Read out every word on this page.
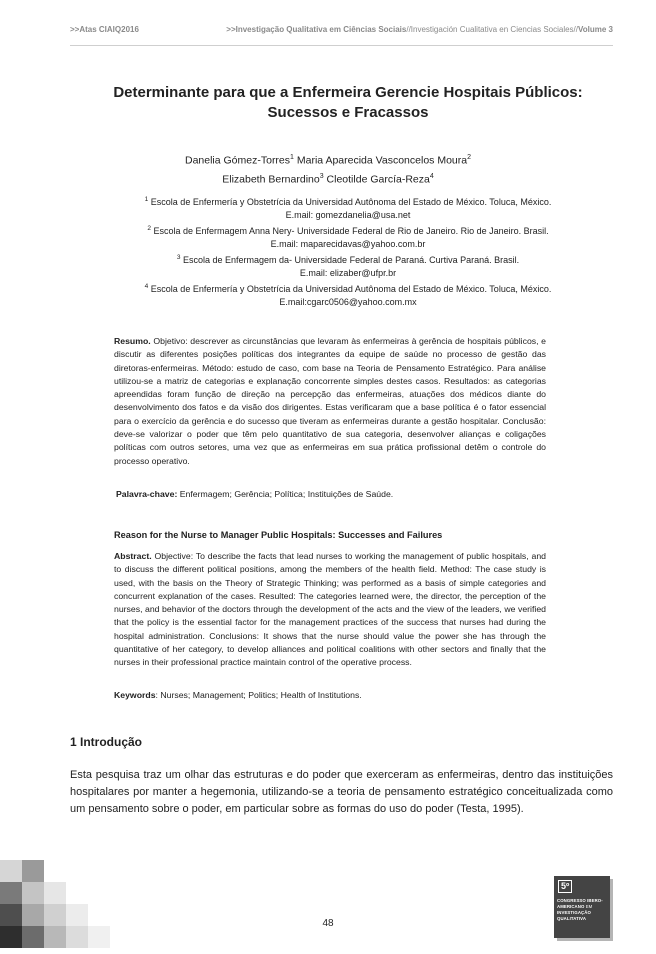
>>Atas CIAIQ2016	>>Investigação Qualitativa em Ciências Sociais//Investigación Cualitativa en Ciencias Sociales//Volume 3
Determinante para que a Enfermeira Gerencie Hospitais Públicos: Sucessos e Fracassos
Danelia Gómez-Torres$^1$ Maria Aparecida Vasconcelos Moura$^2$
Elizabeth Bernardino$^3$ Cleotilde García-Reza$^4$
$^1$ Escola de Enfermería y Obstetrícia da Universidad Autônoma del Estado de México. Toluca, México.
E.mail: gomezdanelia@usa.net
$^2$ Escola de Enfermagem Anna Nery- Universidade Federal de Rio de Janeiro. Rio de Janeiro. Brasil.
E.mail: maparecidavas@yahoo.com.br
$^3$ Escola de Enfermagem da- Universidade Federal de Paraná. Curtiva Paraná. Brasil.
E.mail: elizaber@ufpr.br
$^4$ Escola de Enfermería y Obstetrícia da Universidad Autônoma del Estado de México. Toluca, México.
E.mail:cgarc0506@yahoo.com.mx
Resumo. Objetivo: descrever as circunstâncias que levaram às enfermeiras à gerência de hospitais públicos, e discutir as diferentes posições políticas dos integrantes da equipe de saúde no processo de gestão das diretoras-enfermeiras. Método: estudo de caso, com base na Teoria de Pensamento Estratégico. Para análise utilizou-se a matriz de categorias e explanação concorrente simples destes casos. Resultados: as categorias apreendidas foram função de direção na percepção das enfermeiras, atuações dos médicos diante do desenvolvimento dos fatos e da visão dos dirigentes. Estas verificaram que a base política é o fator essencial para o exercício da gerência e do sucesso que tiveram as enfermeiras durante a gestão hospitalar. Conclusão: deve-se valorizar o poder que têm pelo quantitativo de sua categoria, desenvolver alianças e coligações políticas com outros setores, uma vez que as enfermeiras em sua prática profissional detêm o controle do processo operativo.
Palavra-chave: Enfermagem; Gerência; Política; Instituições de Saúde.
Reason for the Nurse to Manager Public Hospitals: Successes and Failures
Abstract. Objective: To describe the facts that lead nurses to working the management of public hospitals, and to discuss the different political positions, among the members of the health field. Method: The case study is used, with the basis on the Theory of Strategic Thinking; was performed as a basis of simple categories and concurrent explanation of the cases. Resulted: The categories learned were, the director, the perception of the nurses, and behavior of the doctors through the development of the acts and the view of the leaders, we verified that the policy is the essential factor for the management practices of the success that nurses had during the hospital administration. Conclusions: It shows that the nurse should value the power she has through the quantitative of her category, to develop alliances and political coalitions with other sectors and finally that the nurses in their professional practice maintain control of the operative process.
Keywords: Nurses; Management; Politics; Health of Institutions.
1 Introdução
Esta pesquisa traz um olhar das estruturas e do poder que exerceram as enfermeiras, dentro das instituições hospitalares por manter a hegemonia, utilizando-se a teoria de pensamento estratégico conceitualizada como um pensamento sobre o poder, em particular sobre as formas do uso do poder (Testa, 1995).
48
5º
CONGRESSO IBERO-
AMERICANO EM
INVESTIGAÇÃO
QUALITATIVA
